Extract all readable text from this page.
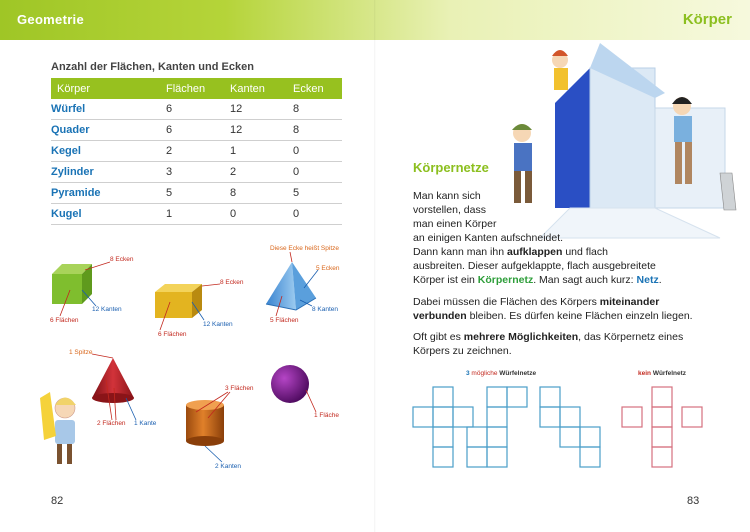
Geometrie	Körper
Anzahl der Flächen, Kanten und Ecken
Körper	Flächen	Kanten	Ecken
Würfel	6	12	8
Quader	6	12	8
Kegel	2	1	0
Zylinder	3	2	0
Pyramide	5	8	5
Kugel	1	0	0
8 Ecken
12 Kanten
6 Flächen
8 Ecken
12 Kanten
6 Flächen
Diese Ecke heißt Spitze
5 Ecken
8 Kanten
5 Flächen
1 Spitze
2 Flächen 1 Kante
3 Flächen
2 Kanten
1 Fläche
Körpernetze
Man kann sich
vorstellen, dass
man einen Körper
an einigen Kanten aufschneidet.
Dann kann man ihn aufklappen und flach
ausbreiten. Dieser aufgeklappte, flach ausgebreitete
Körper ist ein Körpernetz. Man sagt auch kurz: Netz.
Dabei müssen die Flächen des Körpers miteinander
verbunden bleiben. Es dürfen keine Flächen einzeln liegen.
Oft gibt es mehrere Möglichkeiten, das Körpernetz eines
Körpers zu zeichnen.
3 mögliche Würfelnetze	kein Würfelnetz
82	83
